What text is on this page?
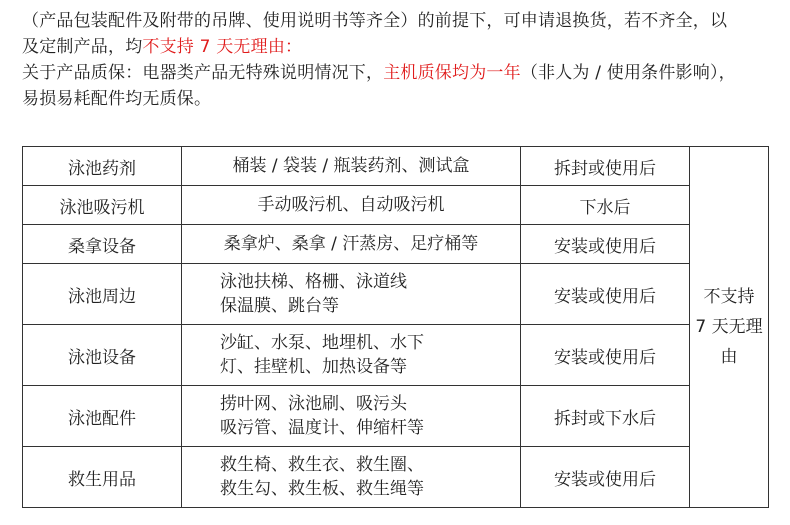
（产品包装配件及附带的吊牌、使用说明书等齐全）的前提下，可申请退换货，若不齐全，以

及定制产品，均不支持 7 天无理由：

关于产品质保：电器类产品无特殊说明情况下，主机质保均为一年（非人为 / 使用条件影响），

易损易耗配件均无质保。

泳池药剂	桶装 / 袋装 / 瓶装药剂、测试盒	拆封或使用后	不支持
7 天无理由

泳池吸污机	手动吸污机、自动吸污机	下水后	
桑拿设备	桑拿炉、桑拿 / 汗蒸房、足疗桶等	安装或使用后	
泳池周边	泳池扶梯、格栅、泳道线
保温膜、跳台等	安装或使用后	
泳池设备	沙缸、水泵、地埋机、水下
灯、挂壁机、加热设备等	安装或使用后	
泳池配件	捞叶网、泳池刷、吸污头
吸污管、温度计、伸缩杆等	拆封或下水后	
救生用品	救生椅、救生衣、救生圈、
救生勾、救生板、救生绳等	安装或使用后	
